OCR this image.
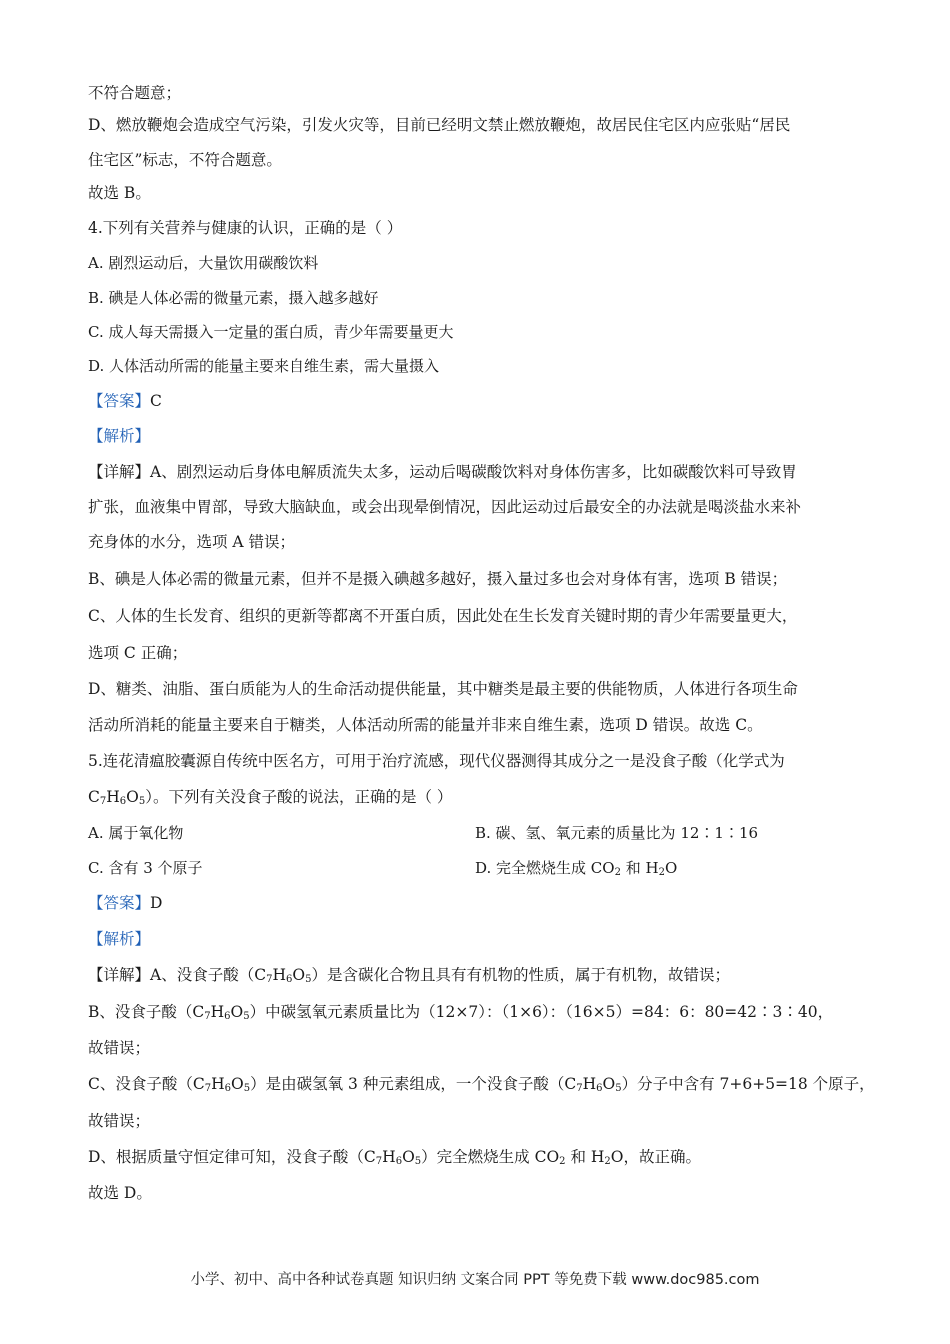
不符合题意；
D、燃放鞭炮会造成空气污染，引发火灾等，目前已经明文禁止燃放鞭炮，故居民住宅区内应张贴“居民
住宅区”标志，不符合题意。
故选 B。
4.下列有关营养与健康的认识，正确的是（ ）
A. 剧烈运动后，大量饮用碳酸饮料
B. 碘是人体必需的微量元素，摄入越多越好
C. 成人每天需摄入一定量的蛋白质，青少年需要量更大
D. 人体活动所需的能量主要来自维生素，需大量摄入
【答案】C
【解析】
【详解】A、剧烈运动后身体电解质流失太多，运动后喝碳酸饮料对身体伤害多，比如碳酸饮料可导致胃
扩张，血液集中胃部，导致大脑缺血，或会出现晕倒情况，因此运动过后最安全的办法就是喝淡盐水来补
充身体的水分，选项 A 错误；
B、碘是人体必需的微量元素，但并不是摄入碘越多越好，摄入量过多也会对身体有害，选项 B 错误；
C、人体的生长发育、组织的更新等都离不开蛋白质，因此处在生长发育关键时期的青少年需要量更大，
选项 C 正确；
D、糖类、油脂、蛋白质能为人的生命活动提供能量，其中糖类是最主要的供能物质，人体进行各项生命
活动所消耗的能量主要来自于糖类，人体活动所需的能量并非来自维生素，选项 D 错误。故选 C。
5.连花清瘟胶囊源自传统中医名方，可用于治疗流感，现代仪器测得其成分之一是没食子酸（化学式为
$C_7H_6O_5$）。下列有关没食子酸的说法，正确的是（ ）
A. 属于氧化物	B. 碳、氢、氧元素的质量比为 12∶1∶16
C. 含有 3 个原子	D. 完全燃烧生成 $CO_2$ 和 $H_2O$
【答案】D
【解析】
【详解】A、没食子酸$(C_7H_6O_5)$是含碳化合物且具有有机物的性质，属于有机物，故错误；
B、没食子酸$(C_7H_6O_5)$中碳氢氧元素质量比为（12×7）：（1×6）：（16×5）=84：6：80=42∶3∶40，
故错误；
C、没食子酸$(C_7H_6O_5)$是由碳氢氧 3 种元素组成，一个没食子酸$(C_7H_6O_5)$分子中含有 7+6+5=18 个原子，
故错误；
D、根据质量守恒定律可知，没食子酸$(C_7H_6O_5)$完全燃烧生成 $CO_2$ 和 $H_2O$，故正确。
故选 D。
小学、初中、高中各种试卷真题 知识归纳 文案合同 PPT 等免费下载 www.doc985.com
